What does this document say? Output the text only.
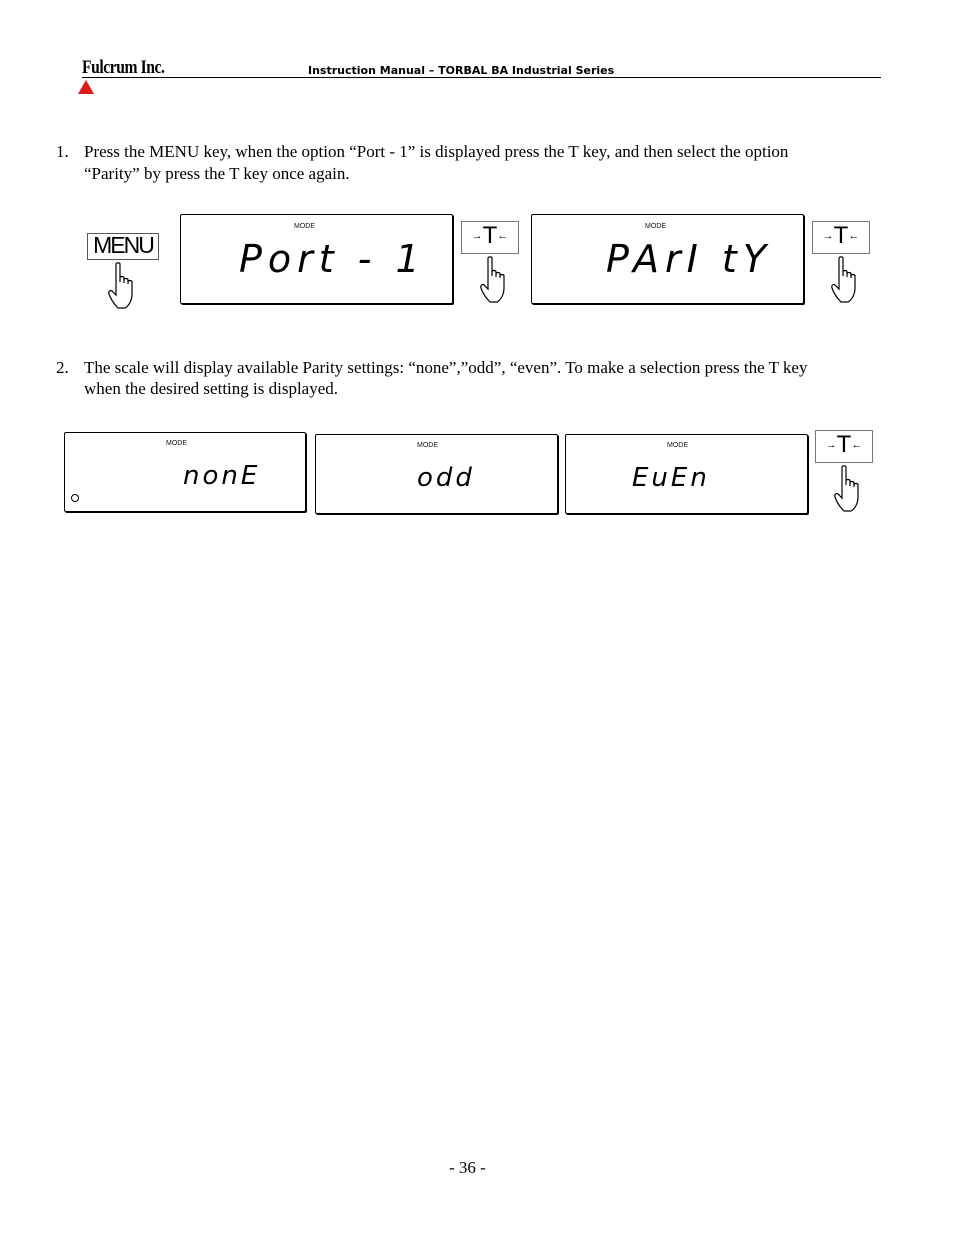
Fulcrum Inc.	Instruction Manual – TORBAL BA Industrial Series
1. Press the MENU key, when the option “Port - 1” is displayed press the T key, and then select the option
“Parity” by press the T key once again.
MENU
MODE
Port - 1
→T←
MODE
PArI tY
→T←
2. The scale will display available Parity settings: “none”,”odd”, “even”. To make a selection press the T key
when the desired setting is displayed.
MODE
nonE
MODE
odd
MODE
EuEn
→T←
- 36 -
